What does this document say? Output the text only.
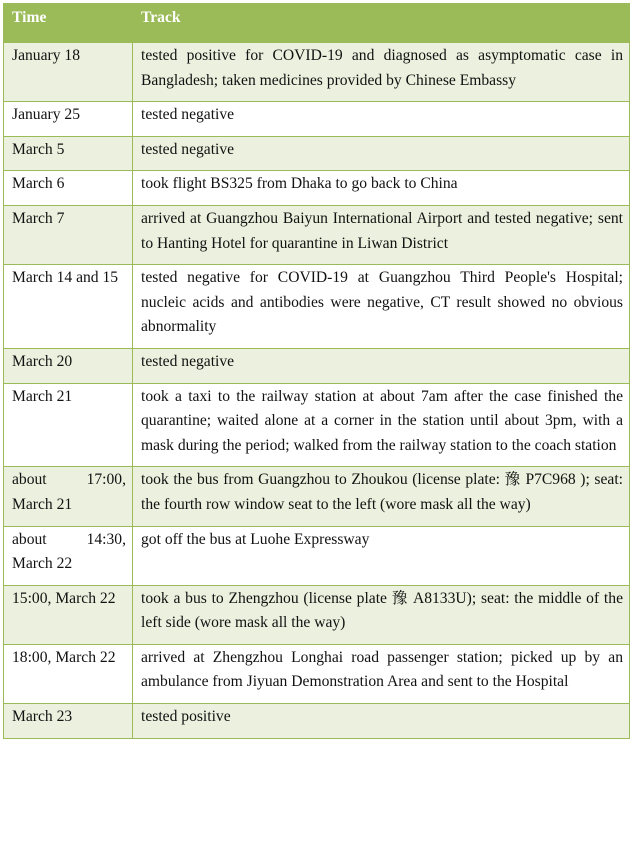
Time	Track
January 18	tested positive for COVID-19 and diagnosed as asymptomatic case in Bangladesh; taken medicines provided by Chinese Embassy
January 25	tested negative
March 5	tested negative
March 6	took flight BS325 from Dhaka to go back to China
March 7	arrived at Guangzhou Baiyun International Airport and tested negative; sent to Hanting Hotel for quarantine in Liwan District
March 14 and 15	tested negative for COVID-19 at Guangzhou Third People's Hospital; nucleic acids and antibodies were negative, CT result showed no obvious abnormality
March 20	tested negative
March 21	took a taxi to the railway station at about 7am after the case finished the quarantine; waited alone at a corner in the station until about 3pm, with a mask during the period; walked from the railway station to the coach station
about 17:00, March 21	took the bus from Guangzhou to Zhoukou (license plate: 豫 P7C968 ); seat: the fourth row window seat to the left (wore mask all the way)
about 14:30, March 22	got off the bus at Luohe Expressway
15:00, March 22	took a bus to Zhengzhou (license plate 豫 A8133U); seat: the middle of the left side (wore mask all the way)
18:00, March 22	arrived at Zhengzhou Longhai road passenger station; picked up by an ambulance from Jiyuan Demonstration Area and sent to the Hospital
March 23	tested positive
